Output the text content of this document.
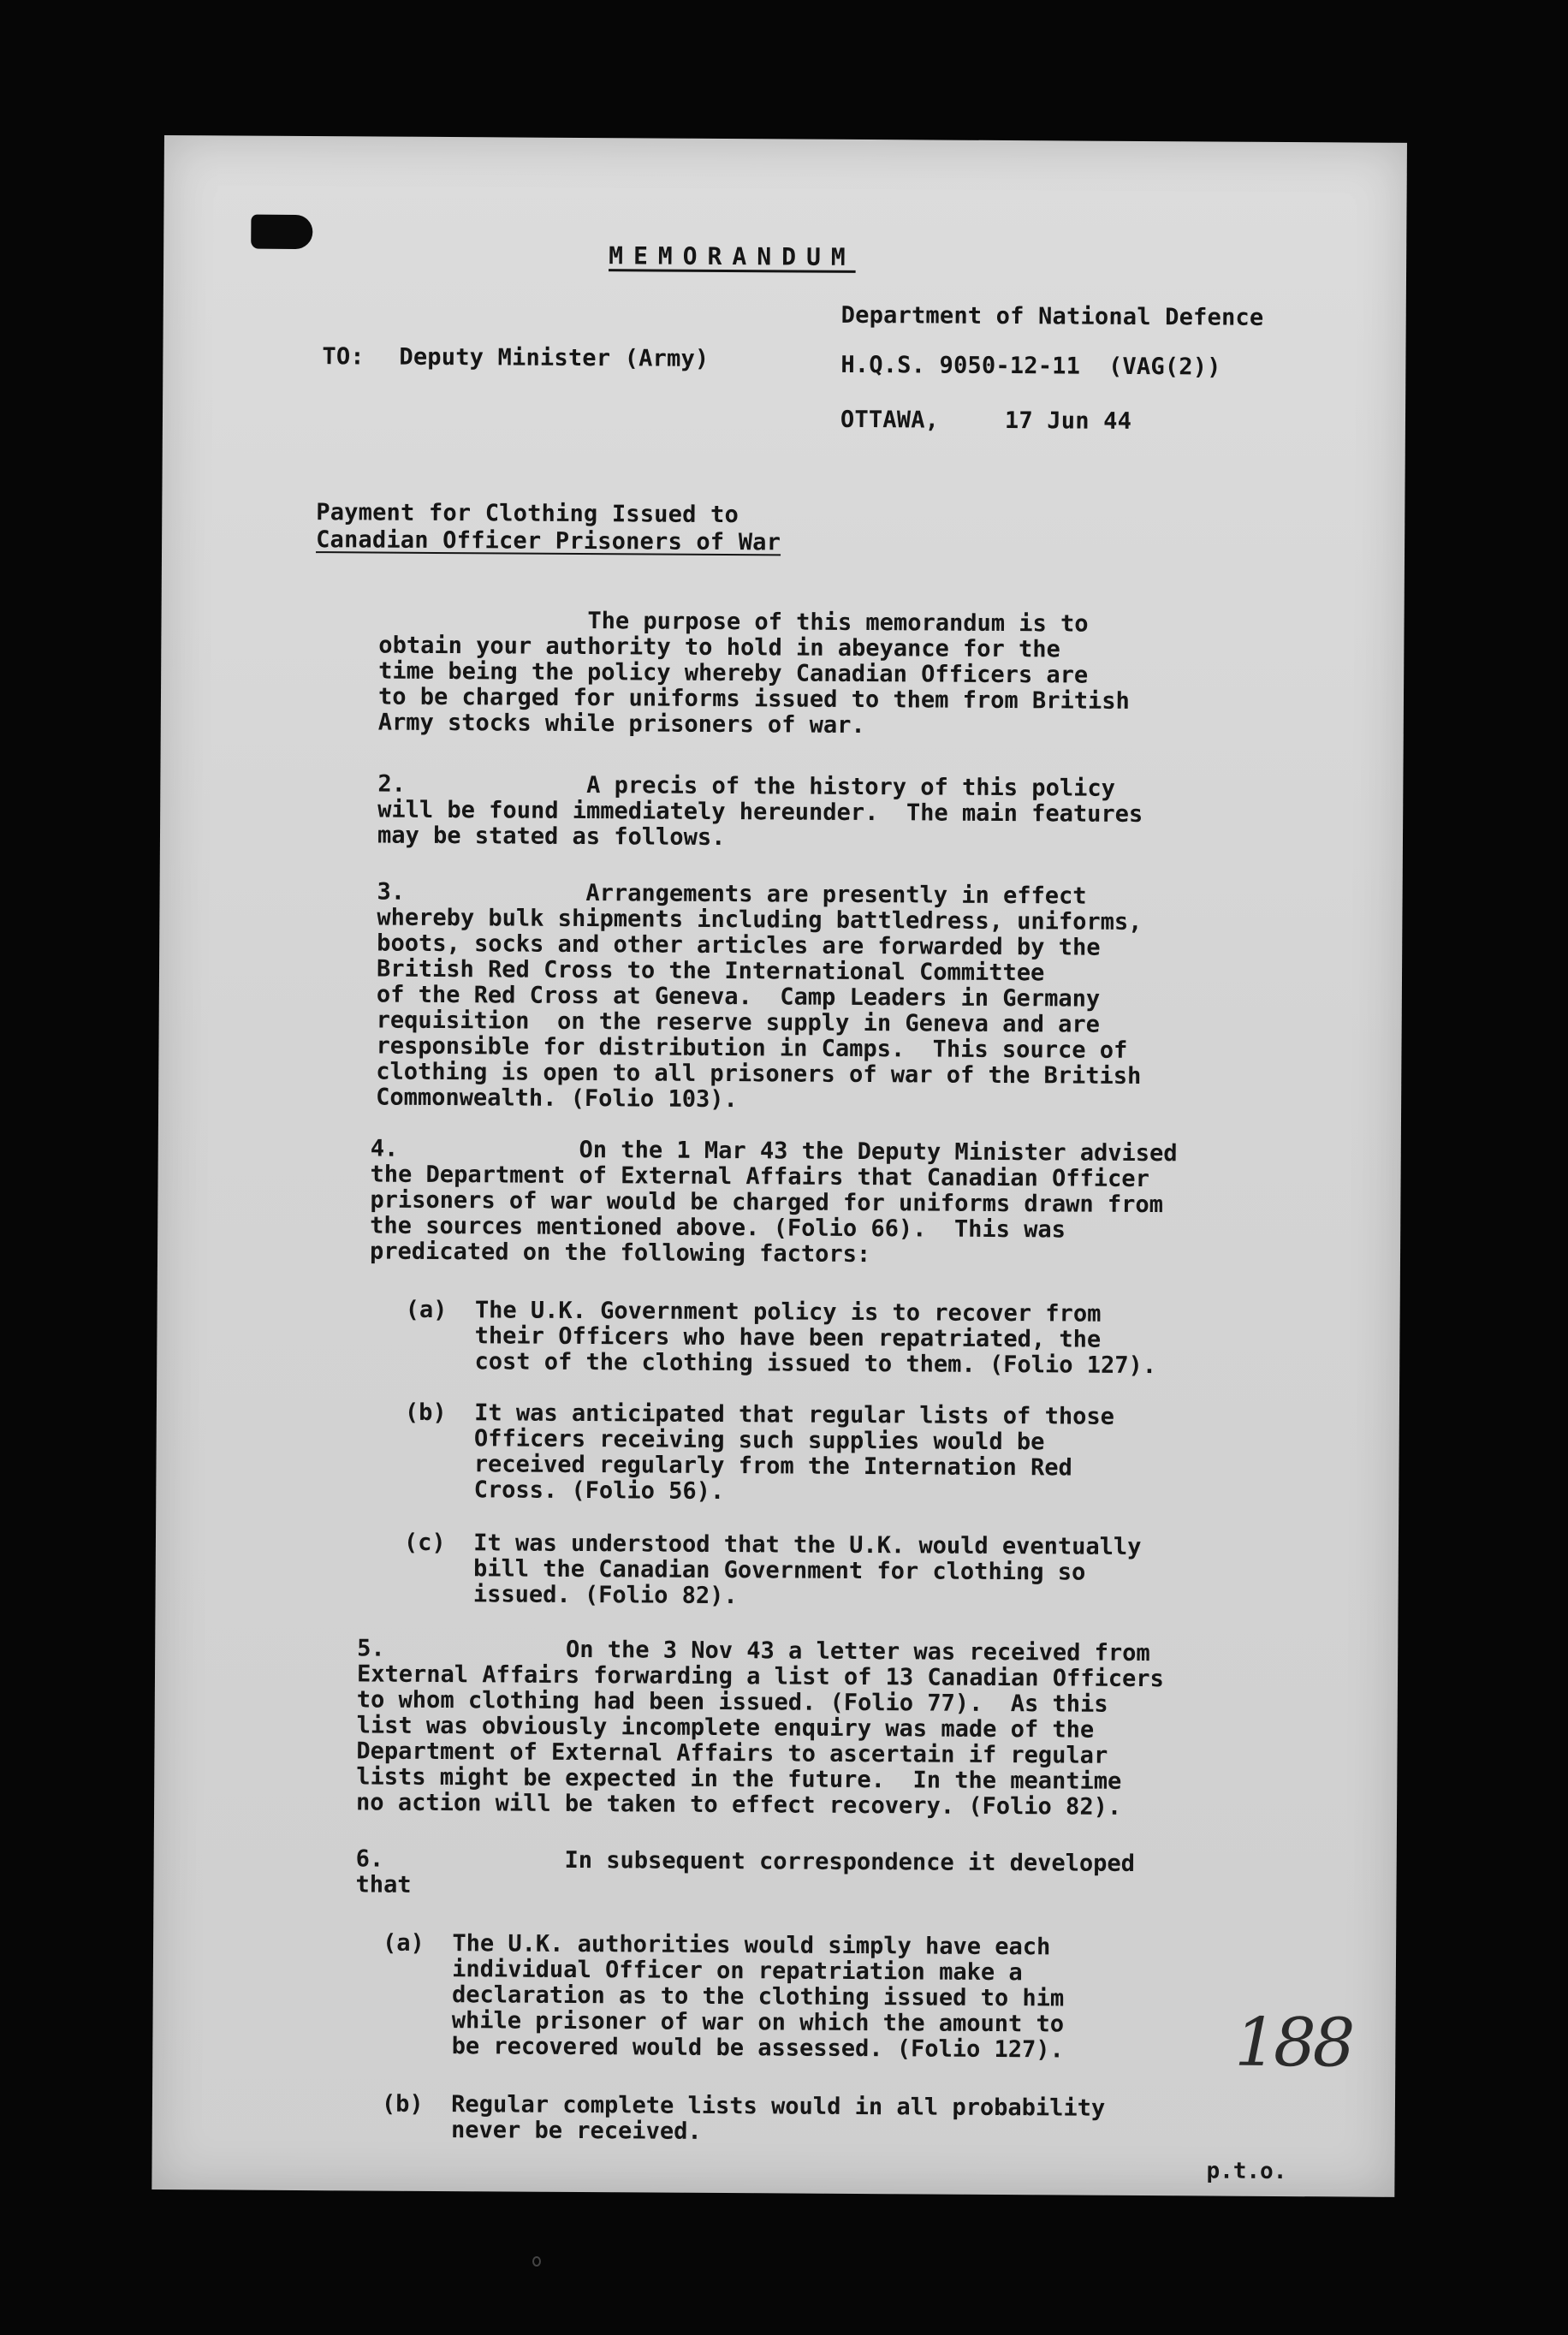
MEMORANDUM
Department of National Defence
TO: Deputy Minister (Army)	H.Q.S. 9050-12-11  (VAG(2))
OTTAWA,	17 Jun 44
Payment for Clothing Issued to
Canadian Officer Prisoners of War
The purpose of this memorandum is to
obtain your authority to hold in abeyance for the
time being the policy whereby Canadian Officers are
to be charged for uniforms issued to them from British
Army stocks while prisoners of war.
2.             A precis of the history of this policy
will be found immediately hereunder.  The main features
may be stated as follows.
3.             Arrangements are presently in effect
whereby bulk shipments including battledress, uniforms,
boots, socks and other articles are forwarded by the
British Red Cross to the International Committee
of the Red Cross at Geneva.  Camp Leaders in Germany
requisition  on the reserve supply in Geneva and are
responsible for distribution in Camps.  This source of
clothing is open to all prisoners of war of the British
Commonwealth. (Folio 103).
4.             On the 1 Mar 43 the Deputy Minister advised
the Department of External Affairs that Canadian Officer
prisoners of war would be charged for uniforms drawn from
the sources mentioned above. (Folio 66).  This was
predicated on the following factors:
(a)  The U.K. Government policy is to recover from
their Officers who have been repatriated, the
cost of the clothing issued to them. (Folio 127).
(b)  It was anticipated that regular lists of those
Officers receiving such supplies would be
received regularly from the Internation Red
Cross. (Folio 56).
(c)  It was understood that the U.K. would eventually
bill the Canadian Government for clothing so
issued. (Folio 82).
5.             On the 3 Nov 43 a letter was received from
External Affairs forwarding a list of 13 Canadian Officers
to whom clothing had been issued. (Folio 77).  As this
list was obviously incomplete enquiry was made of the
Department of External Affairs to ascertain if regular
lists might be expected in the future.  In the meantime
no action will be taken to effect recovery. (Folio 82).
6.             In subsequent correspondence it developed
that
(a)  The U.K. authorities would simply have each
individual Officer on repatriation make a
declaration as to the clothing issued to him
while prisoner of war on which the amount to
be recovered would be assessed. (Folio 127).
(b)  Regular complete lists would in all probability
never be received.
188
p.t.o.
